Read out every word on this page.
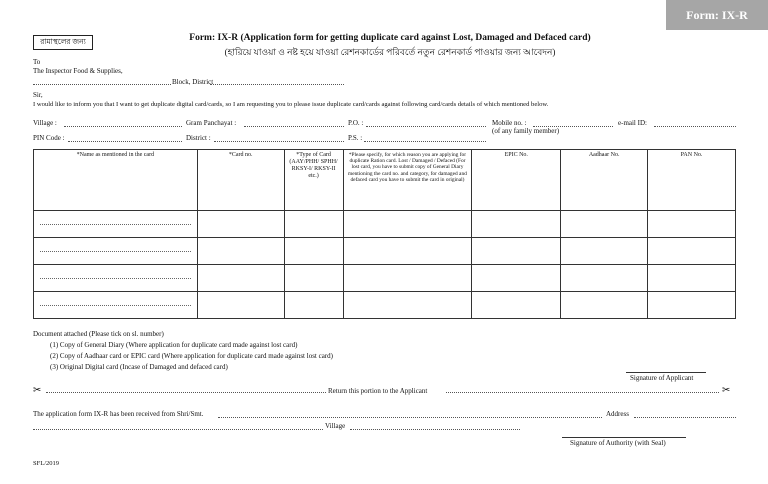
Form: IX-R
রামাস্থলের জন্য	Form: IX-R (Application form for getting duplicate card against Lost, Damaged and Defaced card)
(হারিয়ে যাওয়া ও নষ্ট হয়ে যাওয়া রেশনকার্ডের পরিবর্তে নতুন রেশনকার্ড পাওয়ার জন্য আবেদন)
To
The Inspector Food & Supplies,
Block, District
Sir,
I would like to inform you that I want to get duplicate digital card/cards, so I am requesting you to please issue duplicate card/cards against following card/cards details of which mentioned below.
Village :	Gram Panchayat :	P.O. :	Mobile no. :
(of any family member)
e-mail ID:
PIN Code :	District :	P.S. :
*Name as mentioned in the card	*Card no.	*Type of Card (AAY/PHH/ SPHH/ RKSY-I/ RKSY-II etc.)	*Please specify, for which reason you are applying for duplicate Ration card. Lost / Damaged / Defaced (For lost card, you have to submit copy of General Diary mentioning the card no. and category, for damaged and defaced card you have to submit the card in original)	EPIC No.	Aadhaar No.	PAN No.

Document attached (Please tick on sl. number)
(1) Copy of General Diary (Where application for duplicate card made against lost card)
(2) Copy of Aadhaar card or EPIC card (Where application for duplicate card made against lost card)
(3) Original Digital card (Incase of Damaged and defaced card)
Signature of Applicant
✂	Return this portion to the Applicant	✂
The application form IX-R has been received from Shri/Smt.	Address
Village
Signature of Authority (with Seal)
SFL/2019
